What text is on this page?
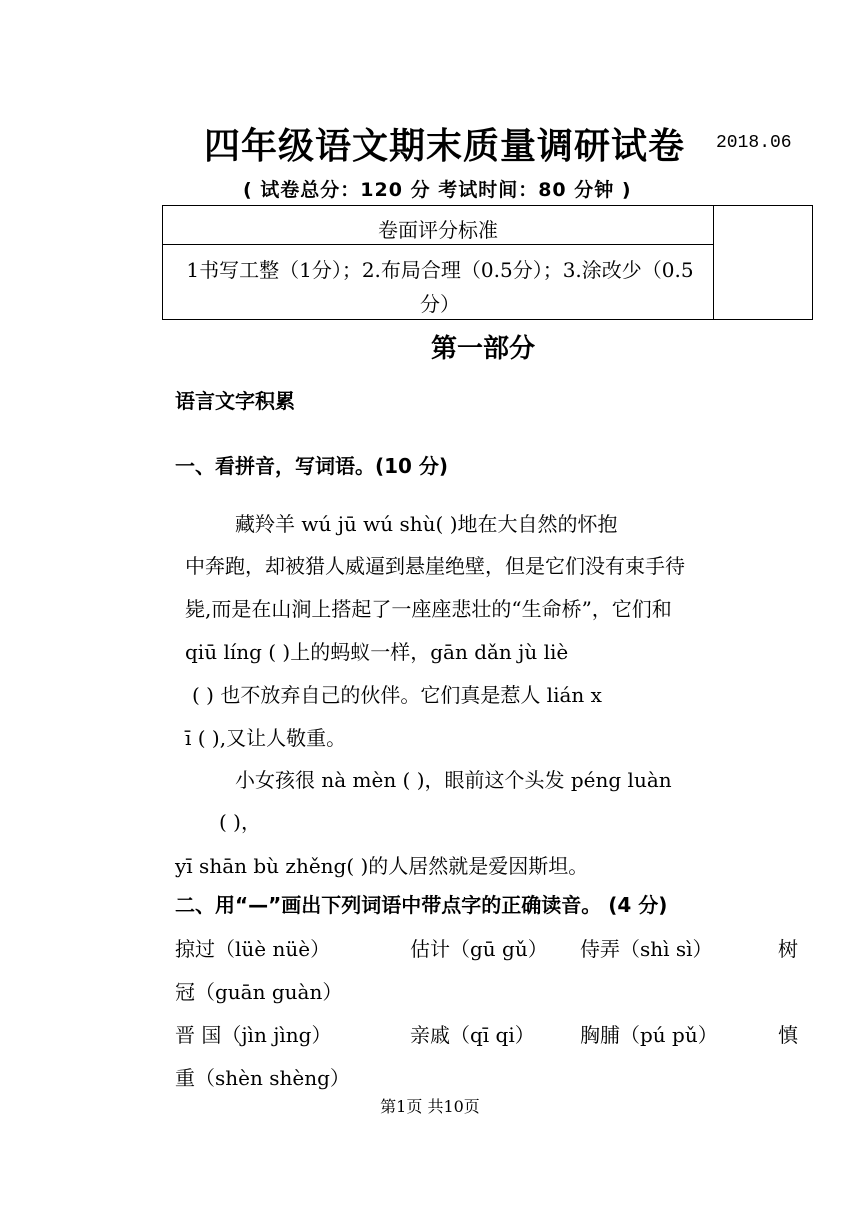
四年级语文期末质量调研试卷 2018.06
( 试卷总分：120 分 考试时间：80 分钟 )
卷面评分标准
1书写工整（1分）；2.布局合理（0.5分）；3.涂改少（0.5分）
第一部分
语言文字积累
一、看拼音，写词语。(10 分)
藏羚羊 wú jū wú shù( )地在大自然的怀抱
中奔跑，却被猎人威逼到悬崖绝壁，但是它们没有束手待
毙,而是在山涧上搭起了一座座悲壮的“生命桥”，它们和
qiū líng ( )上的蚂蚁一样，gān dǎn jù liè
( ) 也不放弃自己的伙伴。它们真是惹人 lián x
ī ( ),又让人敬重。
小女孩很 nà mèn ( )，眼前这个头发 péng luàn
( )，
yī shān bù zhěng( )的人居然就是爱因斯坦。
二、用“—”画出下列词语中带点字的正确读音。 (4 分)
掠过（lüè nüè）	估计（gū gǔ） 侍弄（shì sì）	树
冠（guān guàn）
晋 国（jìn jìng）	亲戚（qī qi） 胸脯（pú pǔ）	慎
重（shèn shèng）
第1页 共10页
